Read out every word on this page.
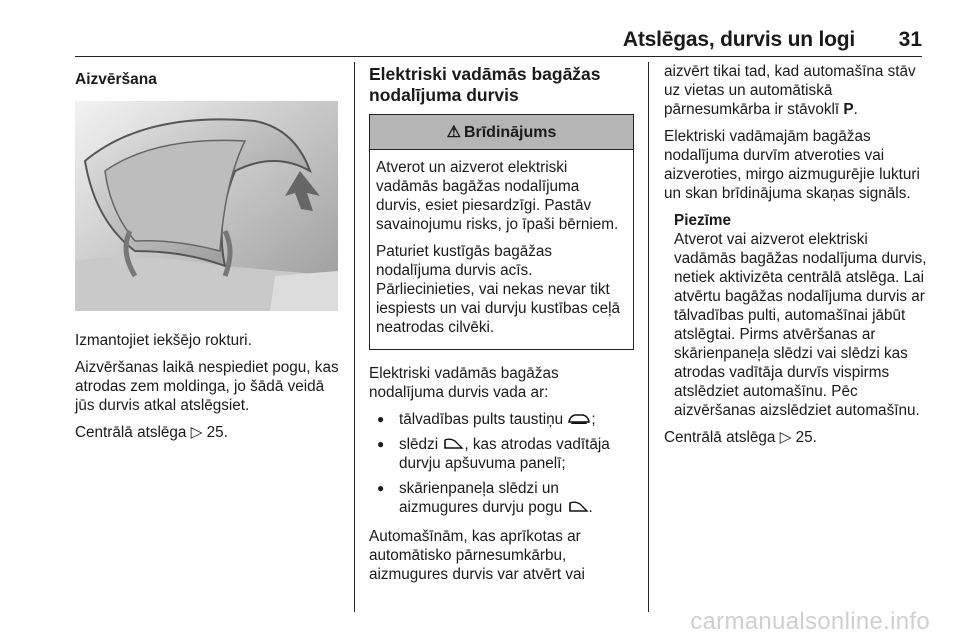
Atslēgas, durvis un logi 31
Aizvēršana

Izmantojiet iekšējo rokturi.

Aizvēršanas laikā nespiediet pogu, kas atrodas zem moldinga, jo šādā veidā jūs durvis atkal atslēgsiet.

Centrālā atslēga ▷ 25.

Elektriski vadāmās bagāžas nodalījuma durvis
⚠ Brīdinājums

Atverot un aizverot elektriski vadāmās bagāžas nodalījuma durvis, esiet piesardzīgi. Pastāv savainojumu risks, jo īpaši bērniem.

Paturiet kustīgās bagāžas nodalījuma durvis acīs. Pārliecinieties, vai nekas nevar tikt iespiests un vai durvju kustības ceļā neatrodas cilvēki.

Elektriski vadāmās bagāžas nodalījuma durvis vada ar:

● tālvadības pults taustiņu ;
● slēdzi , kas atrodas vadītāja durvju apšuvuma panelī;
● skārienpaneļa slēdzi un aizmugures durvju pogu .

Automašīnām, kas aprīkotas ar automātisko pārnesumkārbu, aizmugures durvis var atvērt vai

aizvērt tikai tad, kad automašīna stāv uz vietas un automātiskā pārnesumkārba ir stāvoklī P.

Elektriski vadāmajām bagāžas nodalījuma durvīm atveroties vai aizveroties, mirgo aizmugurējie lukturi un skan brīdinājuma skaņas signāls.

Piezīme
Atverot vai aizverot elektriski vadāmās bagāžas nodalījuma durvis, netiek aktivizēta centrālā atslēga. Lai atvērtu bagāžas nodalījuma durvis ar tālvadības pulti, automašīnai jābūt atslēgtai. Pirms atvēršanas ar skārienpaneļa slēdzi vai slēdzi kas atrodas vadītāja durvīs vispirms atslēdziet automašīnu. Pēc aizvēršanas aizslēdziet automašīnu.

Centrālā atslēga ▷ 25.

carmanualsonline.info
